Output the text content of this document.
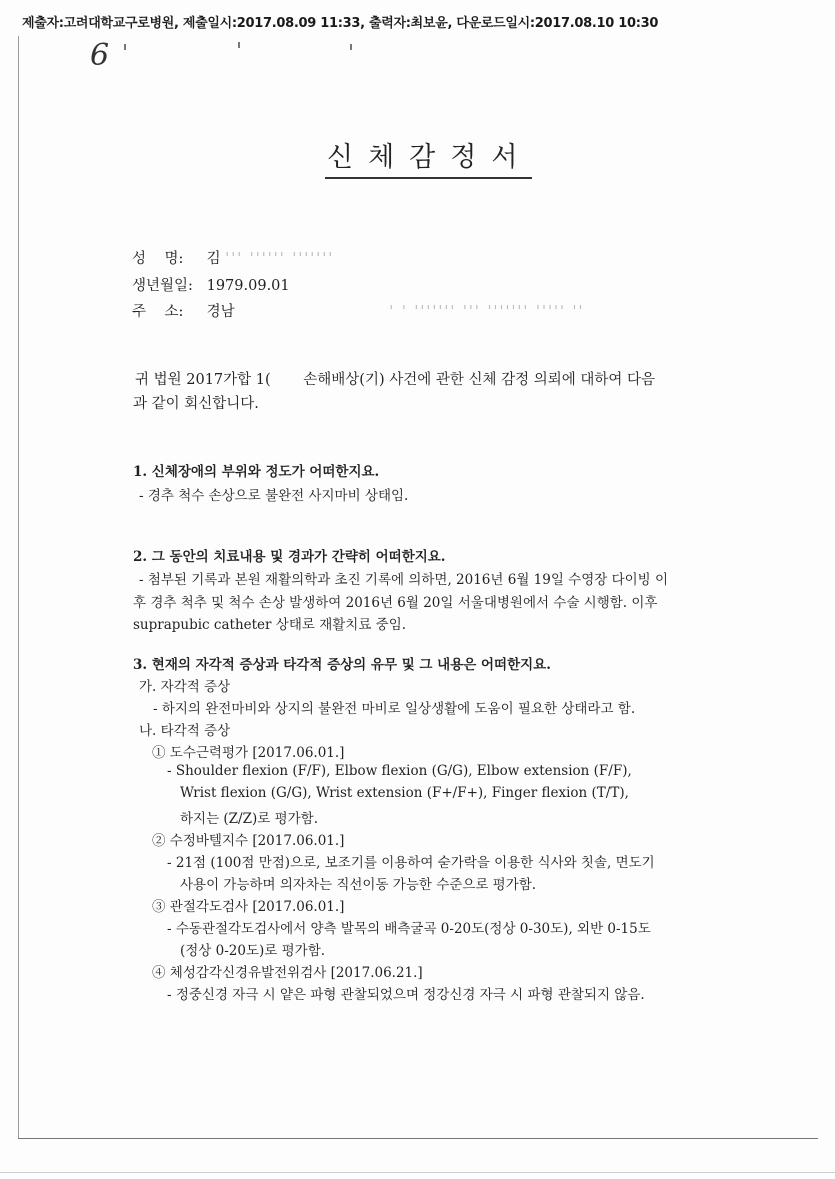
제출자:고려대학교구로병원, 제출일시:2017.08.09 11:33, 출력자:최보윤, 다운로드일시:2017.08.10 10:30
6
신체감정서
성    명: 김 ''' '''''' '''''''
생년월일: 1979.09.01
주    소: 경남	' ' ''''''' ''' ''''''' ''''' ''
귀 법원 2017가합 1( 손해배상(기) 사건에 관한 신체 감정 의뢰에 대하여 다음
과 같이 회신합니다.
1. 신체장애의 부위와 정도가 어떠한지요.
- 경추 척수 손상으로 불완전 사지마비 상태임.
2. 그 동안의 치료내용 및 경과가 간략히 어떠한지요.
- 첨부된 기록과 본원 재활의학과 초진 기록에 의하면, 2016년 6월 19일 수영장 다이빙 이
후 경추 척추 및 척수 손상 발생하여 2016년 6월 20일 서울대병원에서 수술 시행함. 이후
suprapubic catheter 상태로 재활치료 중임.
3. 현재의 자각적 증상과 타각적 증상의 유무 및 그 내용은 어떠한지요.
가. 자각적 증상
- 하지의 완전마비와 상지의 불완전 마비로 일상생활에 도움이 필요한 상태라고 함.
나. 타각적 증상
① 도수근력평가 [2017.06.01.]
- Shoulder flexion (F/F), Elbow flexion (G/G), Elbow extension (F/F),
Wrist flexion (G/G), Wrist extension (F+/F+), Finger flexion (T/T),
하지는 (Z/Z)로 평가함.
② 수정바텔지수 [2017.06.01.]
- 21점 (100점 만점)으로, 보조기를 이용하여 숟가락을 이용한 식사와 칫솔, 면도기
사용이 가능하며 의자차는 직선이동 가능한 수준으로 평가함.
③ 관절각도검사 [2017.06.01.]
- 수동관절각도검사에서 양측 발목의 배측굴곡 0-20도(정상 0-30도), 외반 0-15도
(정상 0-20도)로 평가함.
④ 체성감각신경유발전위검사 [2017.06.21.]
- 정중신경 자극 시 얕은 파형 관찰되었으며 정강신경 자극 시 파형 관찰되지 않음.
